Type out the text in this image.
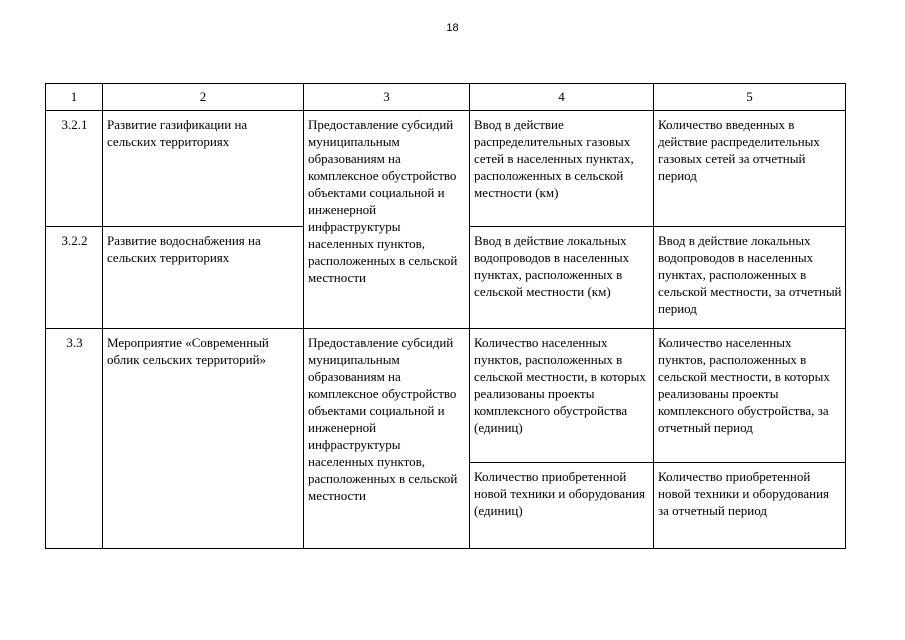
18
1	2	3	4	5
3.2.1	Развитие газификации на сельских территориях	Предоставление субсидий муниципальным образованиям на комплексное обустройство объектами социальной и инженерной инфраструктуры населенных пунктов, расположенных в сельской местности	Ввод в действие распределительных газовых сетей в населенных пунктах, расположенных в сельской местности (км)	Количество введенных в действие распределительных газовых сетей за отчетный период
3.2.2	Развитие водоснабжения на сельских территориях		Ввод в действие локальных водопроводов в населенных пунктах, расположенных в сельской местности (км)	Ввод в действие локальных водопроводов в населенных пунктах, расположенных в сельской местности, за отчетный период
3.3	Мероприятие «Современный облик сельских территорий»	Предоставление субсидий муниципальным образованиям на комплексное обустройство объектами социальной и инженерной инфраструктуры населенных пунктов, расположенных в сельской местности	Количество населенных пунктов, расположенных в сельской местности, в которых реализованы проекты комплексного обустройства (единиц)	Количество населенных пунктов, расположенных в сельской местности, в которых реализованы проекты комплексного обустройства, за отчетный период
			Количество приобретенной новой техники и оборудования (единиц)	Количество приобретенной новой техники и оборудования за отчетный период
